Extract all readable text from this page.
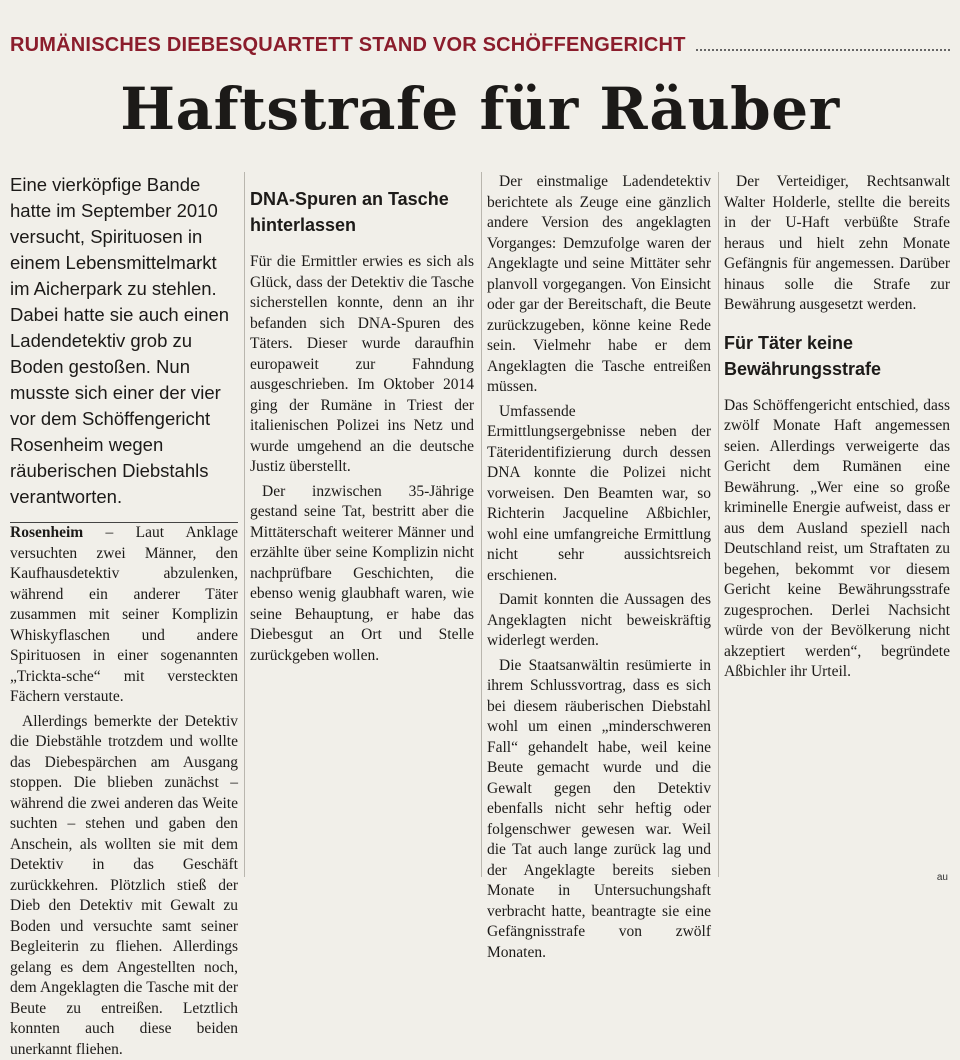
RUMÄNISCHES DIEBESQUARTETT STAND VOR SCHÖFFENGERICHT
Haftstrafe für Räuber

Eine vierköpfige Bande hatte im September 2010 versucht, Spirituosen in einem Lebensmittelmarkt im Aicherpark zu stehlen. Dabei hatte sie auch einen Ladendetektiv grob zu Boden gestoßen. Nun musste sich einer der vier vor dem Schöffengericht Rosenheim wegen räuberischen Diebstahls verantworten.

Rosenheim – Laut Anklage versuchten zwei Männer, den Kaufhausdetektiv abzulenken, während ein anderer Täter zusammen mit seiner Komplizin Whiskyflaschen und andere Spirituosen in einer sogenannten „Trickta-sche“ mit versteckten Fächern verstaute.

Allerdings bemerkte der Detektiv die Diebstähle trotzdem und wollte das Diebespärchen am Ausgang stoppen. Die blieben zunächst – während die zwei anderen das Weite suchten – stehen und gaben den Anschein, als wollten sie mit dem Detektiv in das Geschäft zurückkehren. Plötzlich stieß der Dieb den Detektiv mit Gewalt zu Boden und versuchte samt seiner Begleiterin zu fliehen. Allerdings gelang es dem Angestellten noch, dem Angeklagten die Tasche mit der Beute zu entreißen. Letztlich konnten auch diese beiden unerkannt fliehen.

DNA-Spuren an Tasche hinterlassen

Für die Ermittler erwies es sich als Glück, dass der Detektiv die Tasche sicherstellen konnte, denn an ihr befanden sich DNA-Spuren des Täters. Dieser wurde daraufhin europaweit zur Fahndung ausgeschrieben. Im Oktober 2014 ging der Rumäne in Triest der italienischen Polizei ins Netz und wurde umgehend an die deutsche Justiz überstellt.

Der inzwischen 35-Jährige gestand seine Tat, bestritt aber die Mittäterschaft weiterer Männer und erzählte über seine Komplizin nicht nachprüfbare Geschichten, die ebenso wenig glaubhaft waren, wie seine Behauptung, er habe das Diebesgut an Ort und Stelle zurückgeben wollen.

Der einstmalige Ladendetektiv berichtete als Zeuge eine gänzlich andere Version des angeklagten Vorganges: Demzufolge waren der Angeklagte und seine Mittäter sehr planvoll vorgegangen. Von Einsicht oder gar der Bereitschaft, die Beute zurückzugeben, könne keine Rede sein. Vielmehr habe er dem Angeklagten die Tasche entreißen müssen.

Umfassende Ermittlungsergebnisse neben der Täteridentifizierung durch dessen DNA konnte die Polizei nicht vorweisen. Den Beamten war, so Richterin Jacqueline Aßbichler, wohl eine umfangreiche Ermittlung nicht sehr aussichtsreich erschienen.

Damit konnten die Aussagen des Angeklagten nicht beweiskräftig widerlegt werden.

Die Staatsanwältin resümierte in ihrem Schlussvortrag, dass es sich bei diesem räuberischen Diebstahl wohl um einen „minderschweren Fall“ gehandelt habe, weil keine Beute gemacht wurde und die Gewalt gegen den Detektiv ebenfalls nicht sehr heftig oder folgenschwer gewesen war. Weil die Tat auch lange zurück lag und der Angeklagte bereits sieben Monate in Untersuchungshaft verbracht hatte, beantragte sie eine Gefängnisstrafe von zwölf Monaten.

Der Verteidiger, Rechtsanwalt Walter Holderle, stellte die bereits in der U-Haft verbüßte Strafe heraus und hielt zehn Monate Gefängnis für angemessen. Darüber hinaus solle die Strafe zur Bewährung ausgesetzt werden.

Für Täter keine Bewährungsstrafe

Das Schöffengericht entschied, dass zwölf Monate Haft angemessen seien. Allerdings verweigerte das Gericht dem Rumänen eine Bewährung. „Wer eine so große kriminelle Energie aufweist, dass er aus dem Ausland speziell nach Deutschland reist, um Straftaten zu begehen, bekommt vor diesem Gericht keine Bewährungsstrafe zugesprochen. Derlei Nachsicht würde von der Bevölkerung nicht akzeptiert werden“, begründete Aßbichler ihr Urteil.

au
